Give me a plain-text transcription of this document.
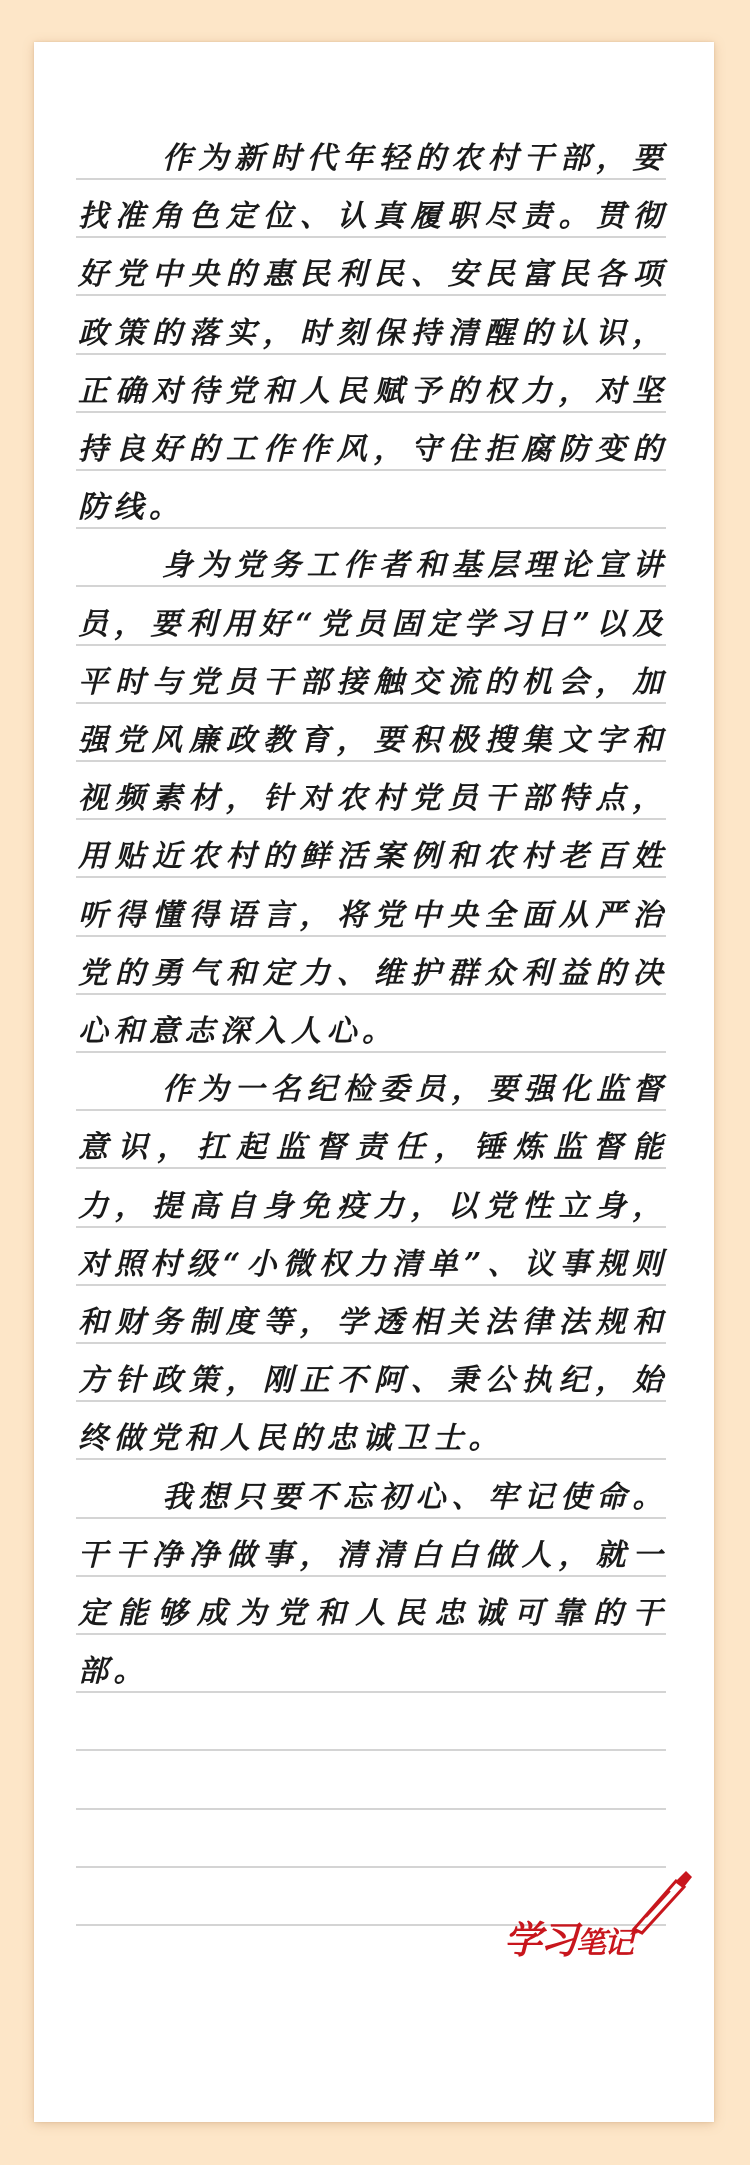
作为新时代年轻的农村干部，要找准角色定位、认真履职尽责。贯彻好党中央的惠民利民、安民富民各项政策的落实，时刻保持清醒的认识，正确对待党和人民赋予的权力，对坚持良好的工作作风，守住拒腐防变的防线。

身为党务工作者和基层理论宣讲员，要利用好“党员固定学习日”以及平时与党员干部接触交流的机会，加强党风廉政教育，要积极搜集文字和视频素材，针对农村党员干部特点，用贴近农村的鲜活案例和农村老百姓听得懂得语言，将党中央全面从严治党的勇气和定力、维护群众利益的决心和意志深入人心。

作为一名纪检委员，要强化监督意识，扛起监督责任，锤炼监督能力，提高自身免疫力，以党性立身，对照村级“小微权力清单”、议事规则和财务制度等，学透相关法律法规和方针政策，刚正不阿、秉公执纪，始终做党和人民的忠诚卫士。

我想只要不忘初心、牢记使命。干干净净做事，清清白白做人，就一定能够成为党和人民忠诚可靠的干部。

学习笔记
